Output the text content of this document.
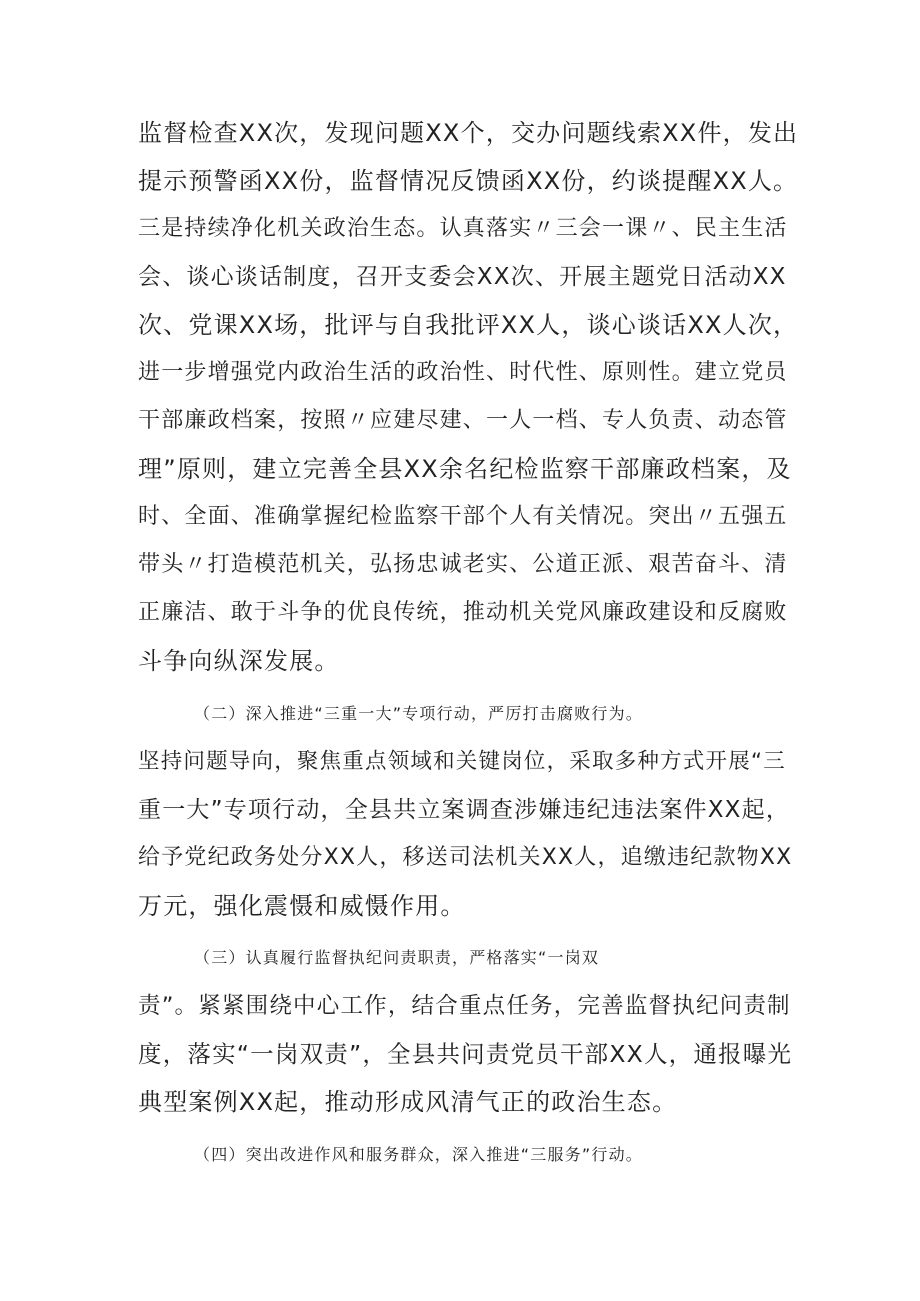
监督检查XX次，发现问题XX个，交办问题线索XX件，发出
提示预警函XX份，监督情况反馈函XX份，约谈提醒XX人。
三是持续净化机关政治生态。认真落实〃三会一课〃、民主生活
会、谈心谈话制度，召开支委会XX次、开展主题党日活动XX
次、党课XX场，批评与自我批评XX人，谈心谈话XX人次，
进一步增强党内政治生活的政治性、时代性、原则性。建立党员
干部廉政档案，按照〃应建尽建、一人一档、专人负责、动态管
理”原则，建立完善全县XX余名纪检监察干部廉政档案，及
时、全面、准确掌握纪检监察干部个人有关情况。突出〃五强五
带头〃打造模范机关，弘扬忠诚老实、公道正派、艰苦奋斗、清
正廉洁、敢于斗争的优良传统，推动机关党风廉政建设和反腐败
斗争向纵深发展。
（二）深入推进“三重一大”专项行动，严厉打击腐败行为。
坚持问题导向，聚焦重点领域和关键岗位，采取多种方式开展“三
重一大”专项行动，全县共立案调查涉嫌违纪违法案件XX起，
给予党纪政务处分XX人，移送司法机关XX人，追缴违纪款物XX
万元，强化震慑和威慑作用。
（三）认真履行监督执纪问责职责，严格落实“一岗双
责”。紧紧围绕中心工作，结合重点任务，完善监督执纪问责制
度，落实“一岗双责”，全县共问责党员干部XX人，通报曝光
典型案例XX起，推动形成风清气正的政治生态。
（四）突出改进作风和服务群众，深入推进“三服务”行动。
